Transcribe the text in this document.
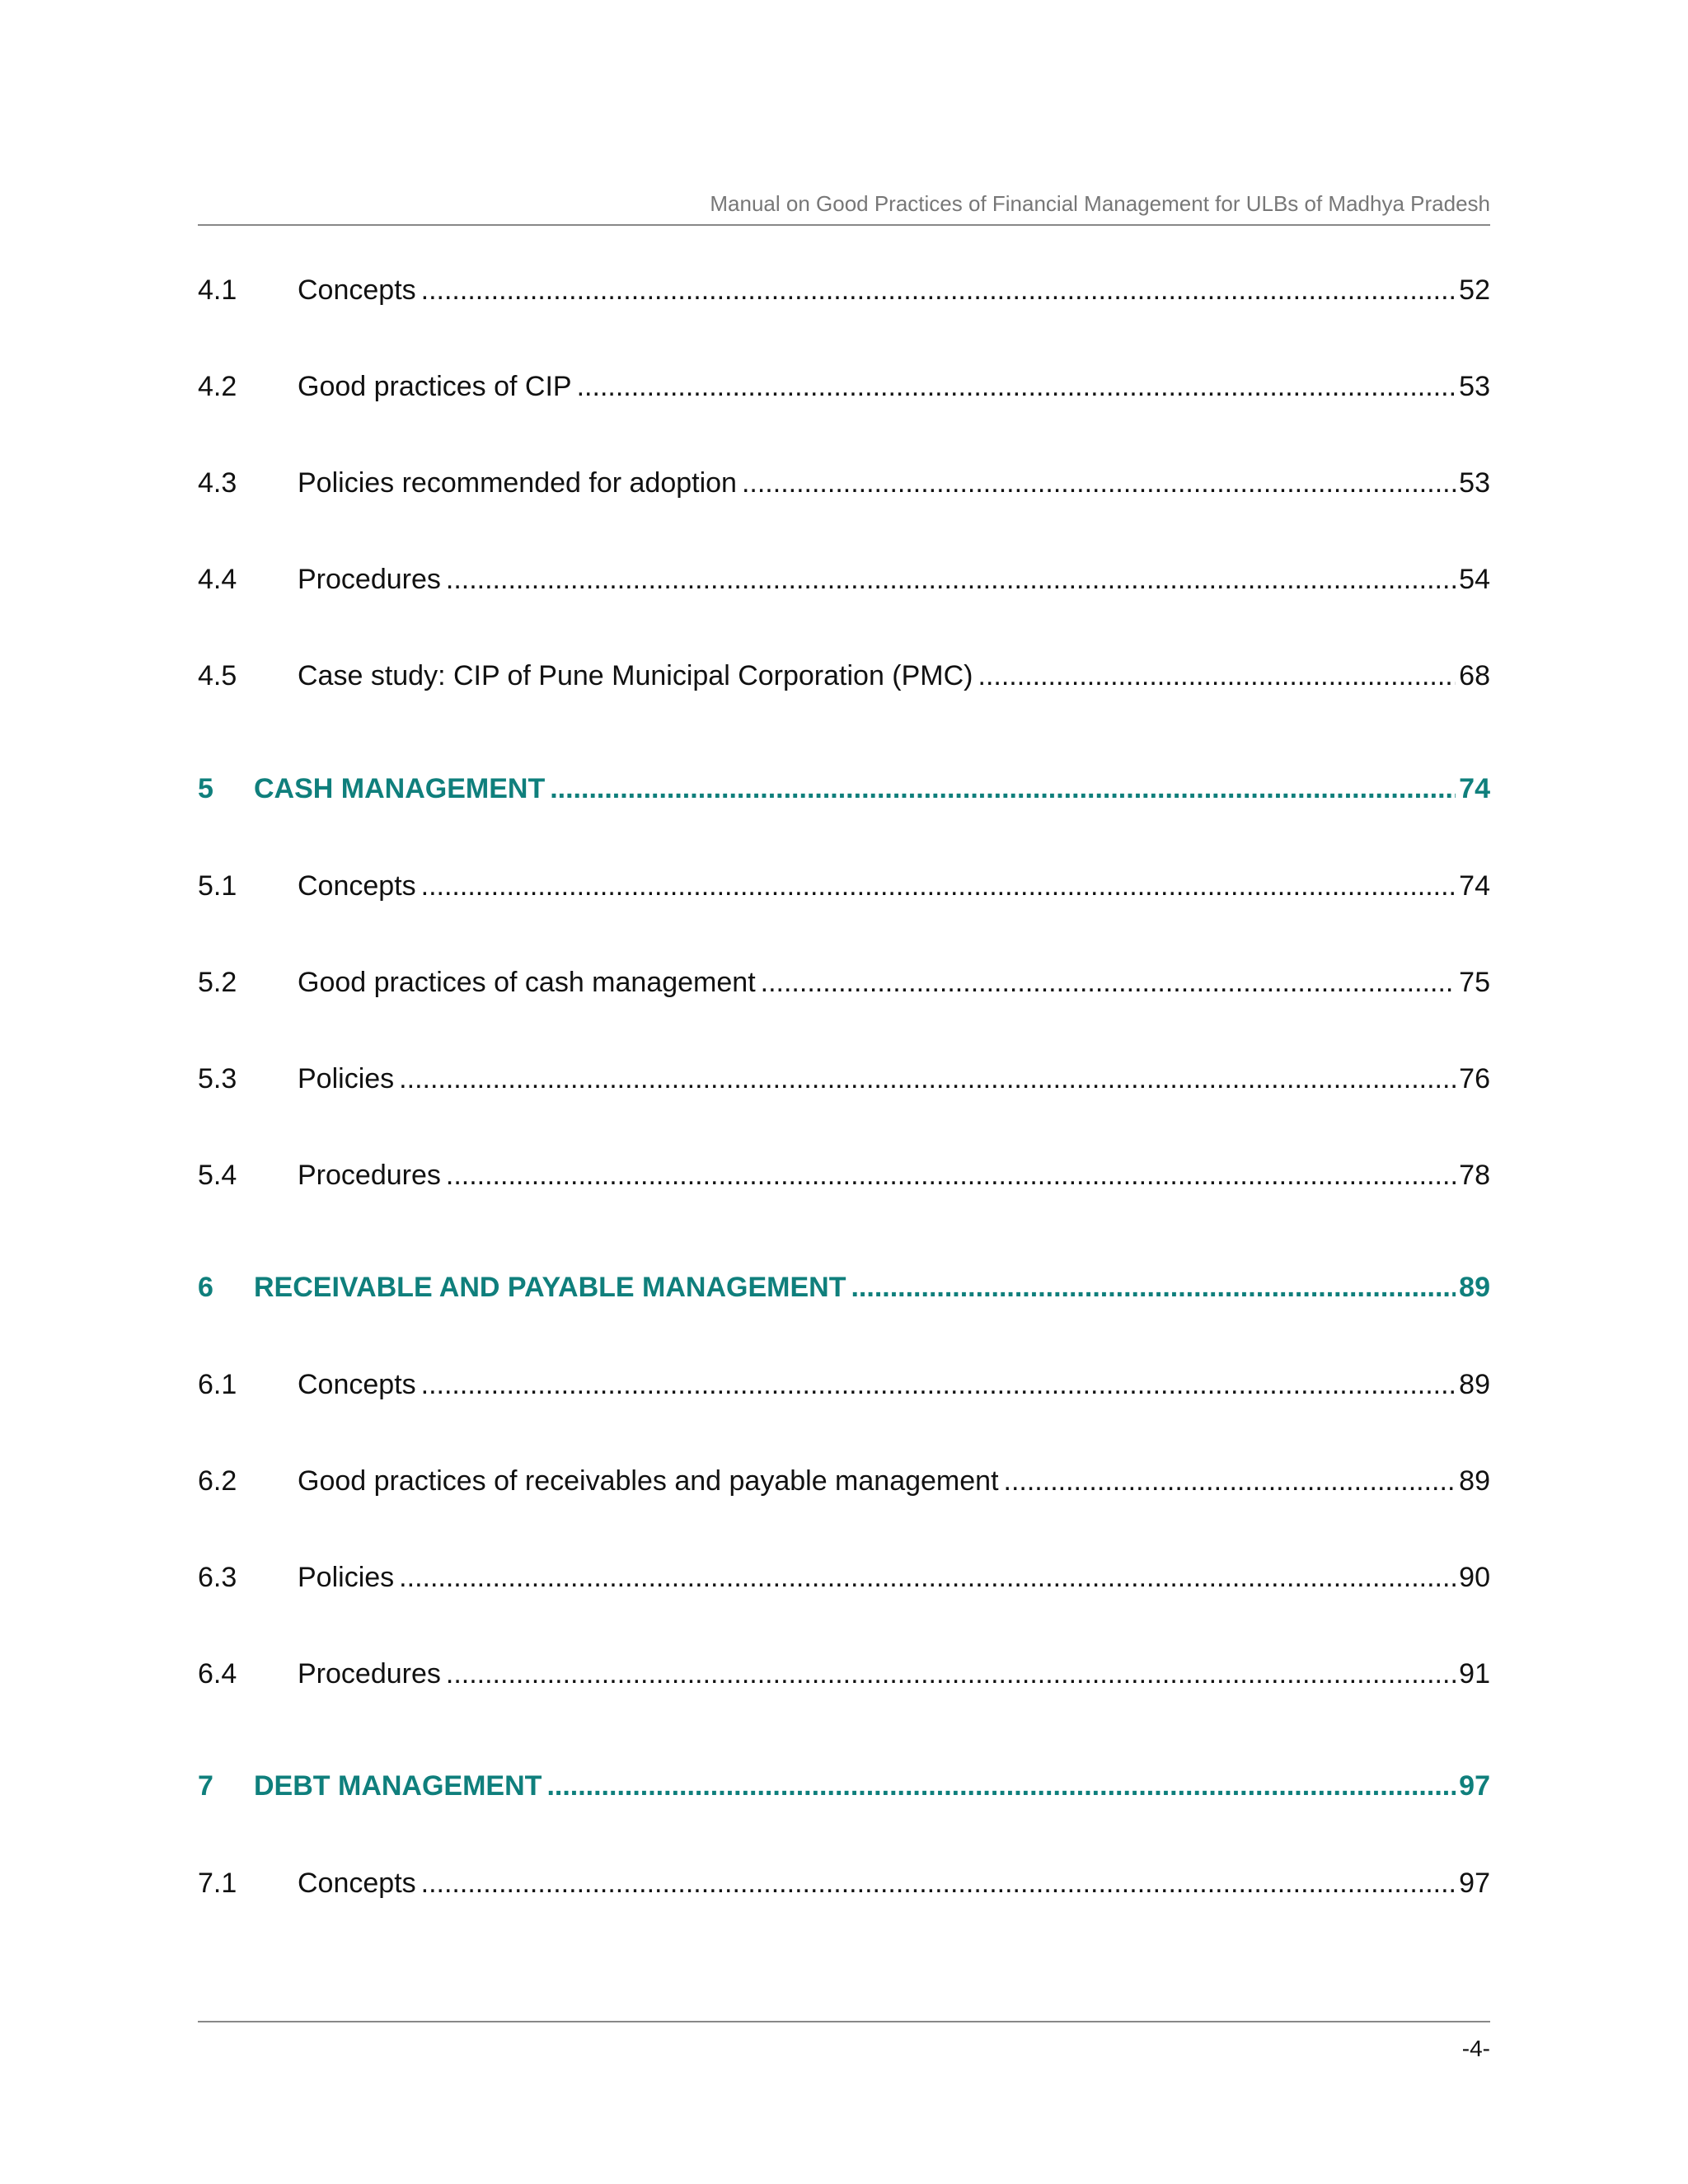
Manual on Good Practices of Financial Management for ULBs of Madhya Pradesh
4.1	Concepts .....	52
4.2	Good practices of CIP .....	53
4.3	Policies recommended for adoption .....	53
4.4	Procedures .....	54
4.5	Case study: CIP of Pune Municipal Corporation (PMC) .....	68
5	CASH MANAGEMENT .....	74
5.1	Concepts .....	74
5.2	Good practices of cash management .....	75
5.3	Policies .....	76
5.4	Procedures .....	78
6	RECEIVABLE AND PAYABLE MANAGEMENT .....	89
6.1	Concepts .....	89
6.2	Good practices of receivables and payable management .....	89
6.3	Policies .....	90
6.4	Procedures .....	91
7	DEBT MANAGEMENT .....	97
7.1	Concepts .....	97
-4-
